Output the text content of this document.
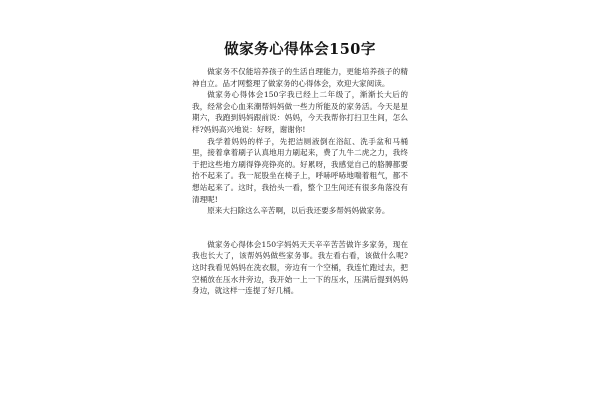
做家务心得体会150字

做家务不仅能培养孩子的生活自理能力，更能培养孩子的精神自立。品才网整理了做家务的心得体会，欢迎大家阅读。

做家务心得体会150字我已经上二年级了，渐渐长大后的我，经常会心血来潮帮妈妈做一些力所能及的家务活。今天是星期六，我跑到妈妈跟前说：妈妈，今天我帮你打扫卫生间，怎么样?妈妈高兴地说：好呀，谢谢你!

我学着妈妈的样子，先把洁厕液倒在浴缸、洗手盆和马桶里，接着拿着刷子认真地用力刷起来，费了九牛二虎之力，我终于把这些地方刷得铮亮铮亮的。好累呀，我感觉自己的胳膊都要抬不起来了。我一屁股坐在椅子上，呼哧呼哧地喘着粗气，都不想站起来了。这时，我抬头一看，整个卫生间还有很多角落没有清理呢!

原来大扫除这么辛苦啊，以后我还要多帮妈妈做家务。

做家务心得体会150字妈妈天天辛辛苦苦做许多家务，现在我也长大了，该帮妈妈做些家务事。我左看右看，该做什么呢?这时我看见妈妈在洗衣服，旁边有一个空桶，我连忙跑过去，把空桶放在压水井旁边，我开始一上一下的压水，压满后提到妈妈身边，就这样一连提了好几桶。
